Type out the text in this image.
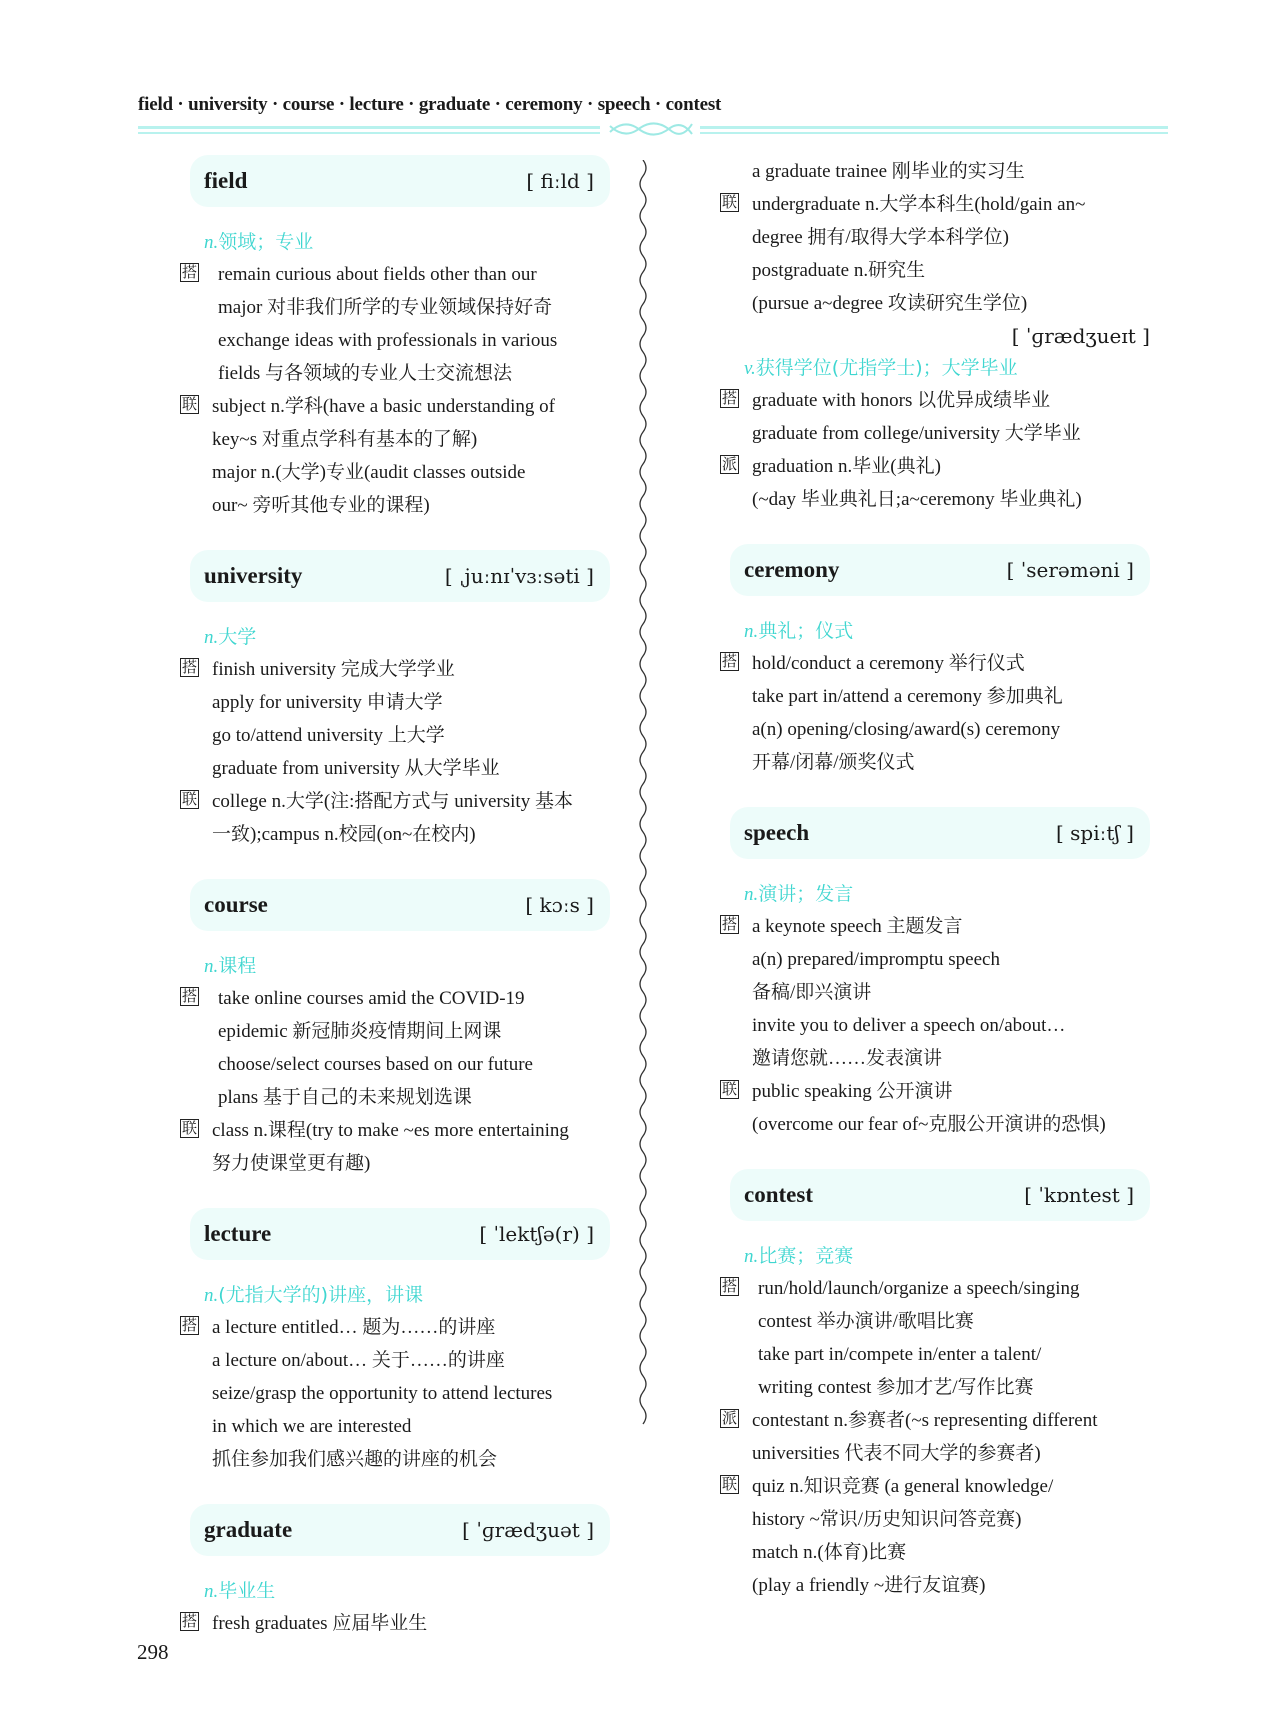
field · university · course · lecture · graduate · ceremony · speech · contest
field	[ fiːld ]
n.领域；专业
搭	remain curious about fields other than our
major 对非我们所学的专业领域保持好奇
exchange ideas with professionals in various
fields 与各领域的专业人士交流想法
联 subject n.学科(have a basic understanding of
key~s 对重点学科有基本的了解)
major n.(大学)专业(audit classes outside
our~ 旁听其他专业的课程)
university	[ ˌjuːnɪˈvɜːsəti ]
n.大学
搭 finish university 完成大学学业
apply for university 申请大学
go to/attend university 上大学
graduate from university 从大学毕业
联 college n.大学(注:搭配方式与 university 基本
一致);campus n.校园(on~在校内)
course	[ kɔːs ]
n.课程
搭	take online courses amid the COVID-19
epidemic 新冠肺炎疫情期间上网课
choose/select courses based on our future
plans 基于自己的未来规划选课
联 class n.课程(try to make ~es more entertaining
努力使课堂更有趣)
lecture	[ ˈlektʃə(r) ]
n.(尤指大学的)讲座，讲课
搭 a lecture entitled… 题为……的讲座
a lecture on/about… 关于……的讲座
seize/grasp the opportunity to attend lectures
in which we are interested
抓住参加我们感兴趣的讲座的机会
graduate	[ ˈɡrædʒuət ]
n.毕业生
搭 fresh graduates 应届毕业生
a graduate trainee 刚毕业的实习生
联 undergraduate n.大学本科生(hold/gain an~
degree 拥有/取得大学本科学位)
postgraduate n.研究生
(pursue a~degree 攻读研究生学位)
[ ˈɡrædʒueɪt ]
v.获得学位(尤指学士)；大学毕业
搭 graduate with honors 以优异成绩毕业
graduate from college/university 大学毕业
派 graduation n.毕业(典礼)
(~day 毕业典礼日;a~ceremony 毕业典礼)
ceremony	[ ˈserəməni ]
n.典礼；仪式
搭 hold/conduct a ceremony 举行仪式
take part in/attend a ceremony 参加典礼
a(n) opening/closing/award(s) ceremony
开幕/闭幕/颁奖仪式
speech	[ spiːtʃ ]
n.演讲；发言
搭 a keynote speech 主题发言
a(n) prepared/impromptu speech
备稿/即兴演讲
invite you to deliver a speech on/about…
邀请您就……发表演讲
联 public speaking 公开演讲
(overcome our fear of~克服公开演讲的恐惧)
contest	[ ˈkɒntest ]
n.比赛；竞赛
搭	run/hold/launch/organize a speech/singing
contest 举办演讲/歌唱比赛
take part in/compete in/enter a talent/
writing contest 参加才艺/写作比赛
派 contestant n.参赛者(~s representing different
universities 代表不同大学的参赛者)
联 quiz n.知识竞赛 (a general knowledge/
history ~常识/历史知识问答竞赛)
match n.(体育)比赛
(play a friendly ~进行友谊赛)
298
